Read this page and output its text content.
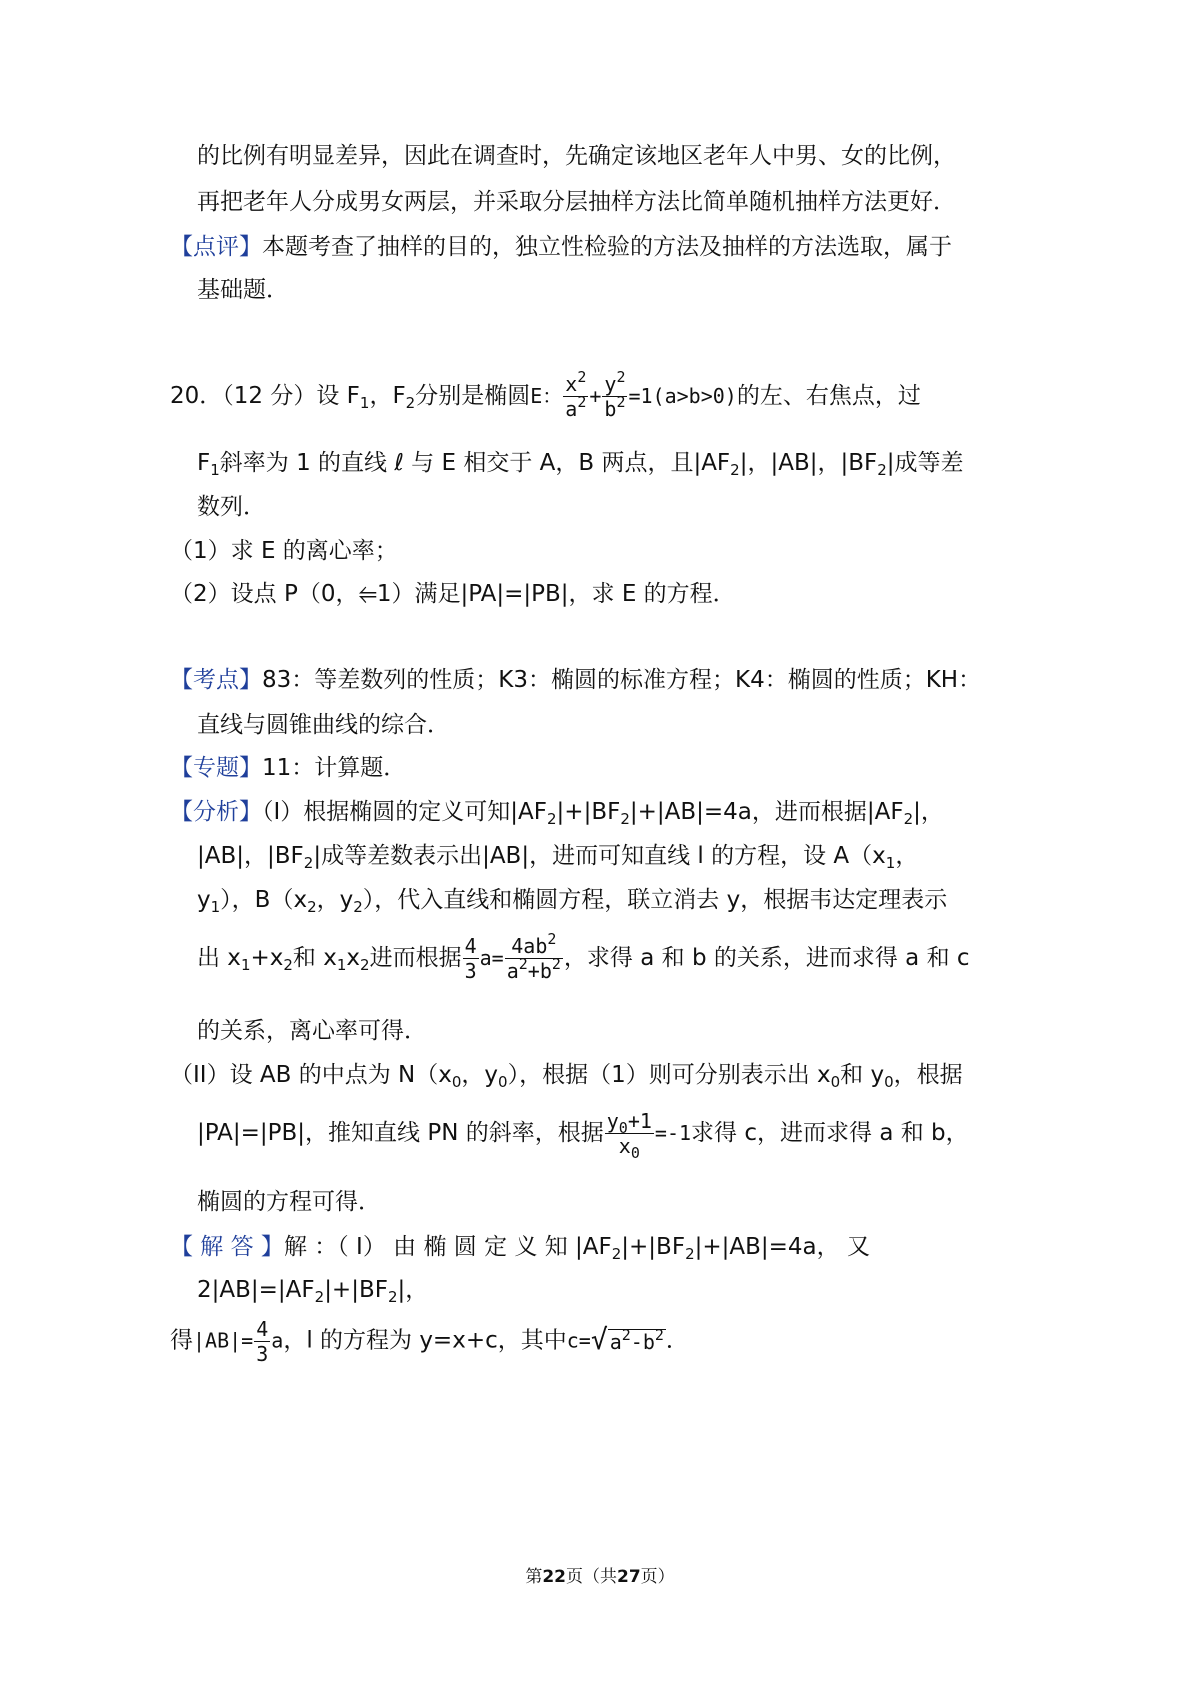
的比例有明显差异，因此在调查时，先确定该地区老年人中男、女的比例，
再把老年人分成男女两层，并采取分层抽样方法比简单随机抽样方法更好．
【点评】本题考查了抽样的目的，独立性检验的方法及抽样的方法选取，属于
基础题．
20．（12 分）设 $F_1$，$F_2$分别是椭圆E： $\frac{x^2}{a^2} + \frac{y^2}{b^2} =1(a>b>0)$的左、右焦点，过
$F_1$斜率为 1 的直线 ℓ 与 E 相交于 A，B 两点，且$|AF_2|$，|AB|，$|BF_2|$成等差
数列．
（1）求 E 的离心率；
（2）设点 P（0，⥢1）满足|PA|=|PB|，求 E 的方程．
【考点】83：等差数列的性质；K3：椭圆的标准方程；K4：椭圆的性质；KH：
直线与圆锥曲线的综合．
【专题】11：计算题．
【分析】（I）根据椭圆的定义可知$|AF_2|+|BF_2|+|AB|=4a$，进而根据$|AF_2|$，
|AB|，$|BF_2|$成等差数表示出|AB|，进而可知直线 l 的方程，设 $A(x_1$，
$y_1$），$B(x_2$，$y_2$），代入直线和椭圆方程，联立消去 y，根据韦达定理表示
出 $x_1+x_2$和 $x_1x_2$进而根据 $\frac{4}{3} a= \frac{4ab^2}{a^2+b^2}$ ，求得 a 和 b 的关系，进而求得 a 和 c
的关系，离心率可得．
（II）设 AB 的中点为 $N(x_0$，$y_0$），根据（1）则可分别表示出 $x_0$和 $y_0$，根据
|PA|=|PB|，推知直线 PN 的斜率，根据 $\frac{y_0+1}{x_0} =-1$求得 c，进而求得 a 和 b，
椭圆的方程可得．
【 解 答 】解 ：（ I） 由 椭 圆 定 义 知 $|AF_2|+|BF_2|+|AB|=4a$， 又
$2|AB|=|AF_2|+|BF_2|$，
得$|AB|= \frac{4}{3}$ a，l 的方程为 y=x+c，其中c=√ $a^2-b^2$．
第22页（共27页）
